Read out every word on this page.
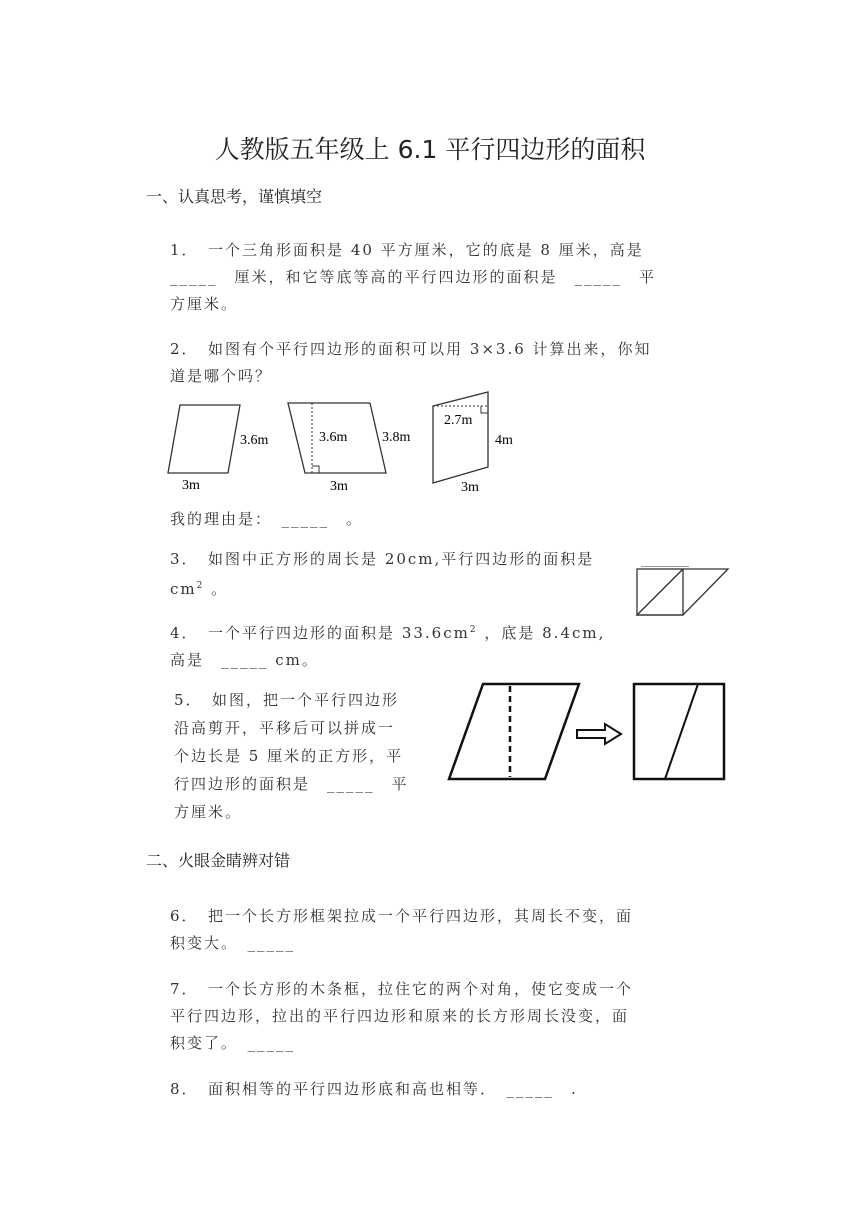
人教版五年级上 6.1 平行四边形的面积
一、认真思考，谨慎填空
1．　一个三角形面积是 40 平方厘米，它的底是 8 厘米，高是
_____　厘米，和它等底等高的平行四边形的面积是　_____　平
方厘米。
2．　如图有个平行四边形的面积可以用 3×3.6 计算出来，你知
道是哪个吗？
3.6m
3m
3.6m 3.8m
3m
2.7m
4m
3m
我的理由是：　_____　。
3．　如图中正方形的周长是 20cm,平行四边形的面积是
$cm^2$ 。
4．　一个平行四边形的面积是 $33.6cm^2$ ，底是 8.4cm,
高是　_____ cm。
5．　如图，把一个平行四边形
沿高剪开，平移后可以拼成一
个边长是 5 厘米的正方形，平
行四边形的面积是　_____　平
方厘米。
二、火眼金睛辨对错
6．　把一个长方形框架拉成一个平行四边形，其周长不变，面
积变大。　_____
7．　一个长方形的木条框，拉住它的两个对角，使它变成一个
平行四边形，拉出的平行四边形和原来的长方形周长没变，面
积变了。　_____
8．　面积相等的平行四边形底和高也相等．　_____　.
